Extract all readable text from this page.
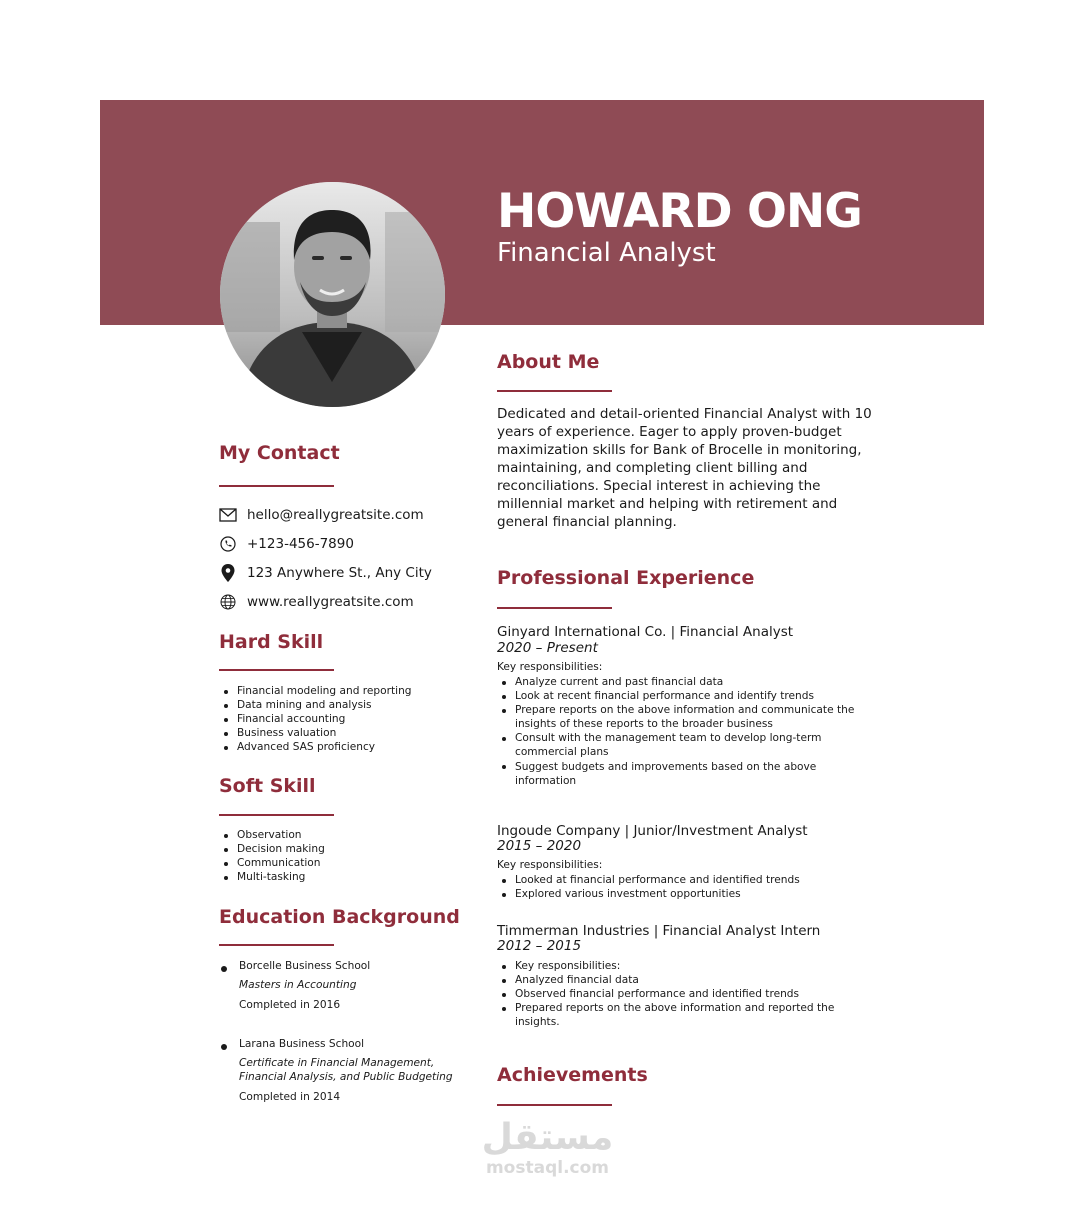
HOWARD ONG
Financial Analyst
My Contact
hello@reallygreatsite.com
+123-456-7890
123 Anywhere St., Any City
www.reallygreatsite.com
Hard Skill
Financial modeling and reporting
Data mining and analysis
Financial accounting
Business valuation
Advanced SAS proficiency
Soft Skill
Observation
Decision making
Communication
Multi-tasking
Education Background
Borcelle Business School
Masters in Accounting
Completed in 2016
Larana Business School
Certificate in Financial Management,
Financial Analysis, and Public Budgeting
Completed in 2014
About Me
Dedicated and detail-oriented Financial Analyst with 10 years of experience. Eager to apply proven-budget maximization skills for Bank of Brocelle in monitoring, maintaining, and completing client billing and reconciliations. Special interest in achieving the millennial market and helping with retirement and general financial planning.
Professional Experience
Ginyard International Co. | Financial Analyst
2020 – Present
Key responsibilities:
Analyze current and past financial data
Look at recent financial performance and identify trends
Prepare reports on the above information and communicate the insights of these reports to the broader business
Consult with the management team to develop long-term commercial plans
Suggest budgets and improvements based on the above information
Ingoude Company | Junior/Investment Analyst
2015 – 2020
Key responsibilities:
Looked at financial performance and identified trends
Explored various investment opportunities
Timmerman Industries | Financial Analyst Intern
2012 – 2015
Key responsibilities:
Analyzed financial data
Observed financial performance and identified trends
Prepared reports on the above information and reported the insights.
Achievements
مستقل
mostaql.com
